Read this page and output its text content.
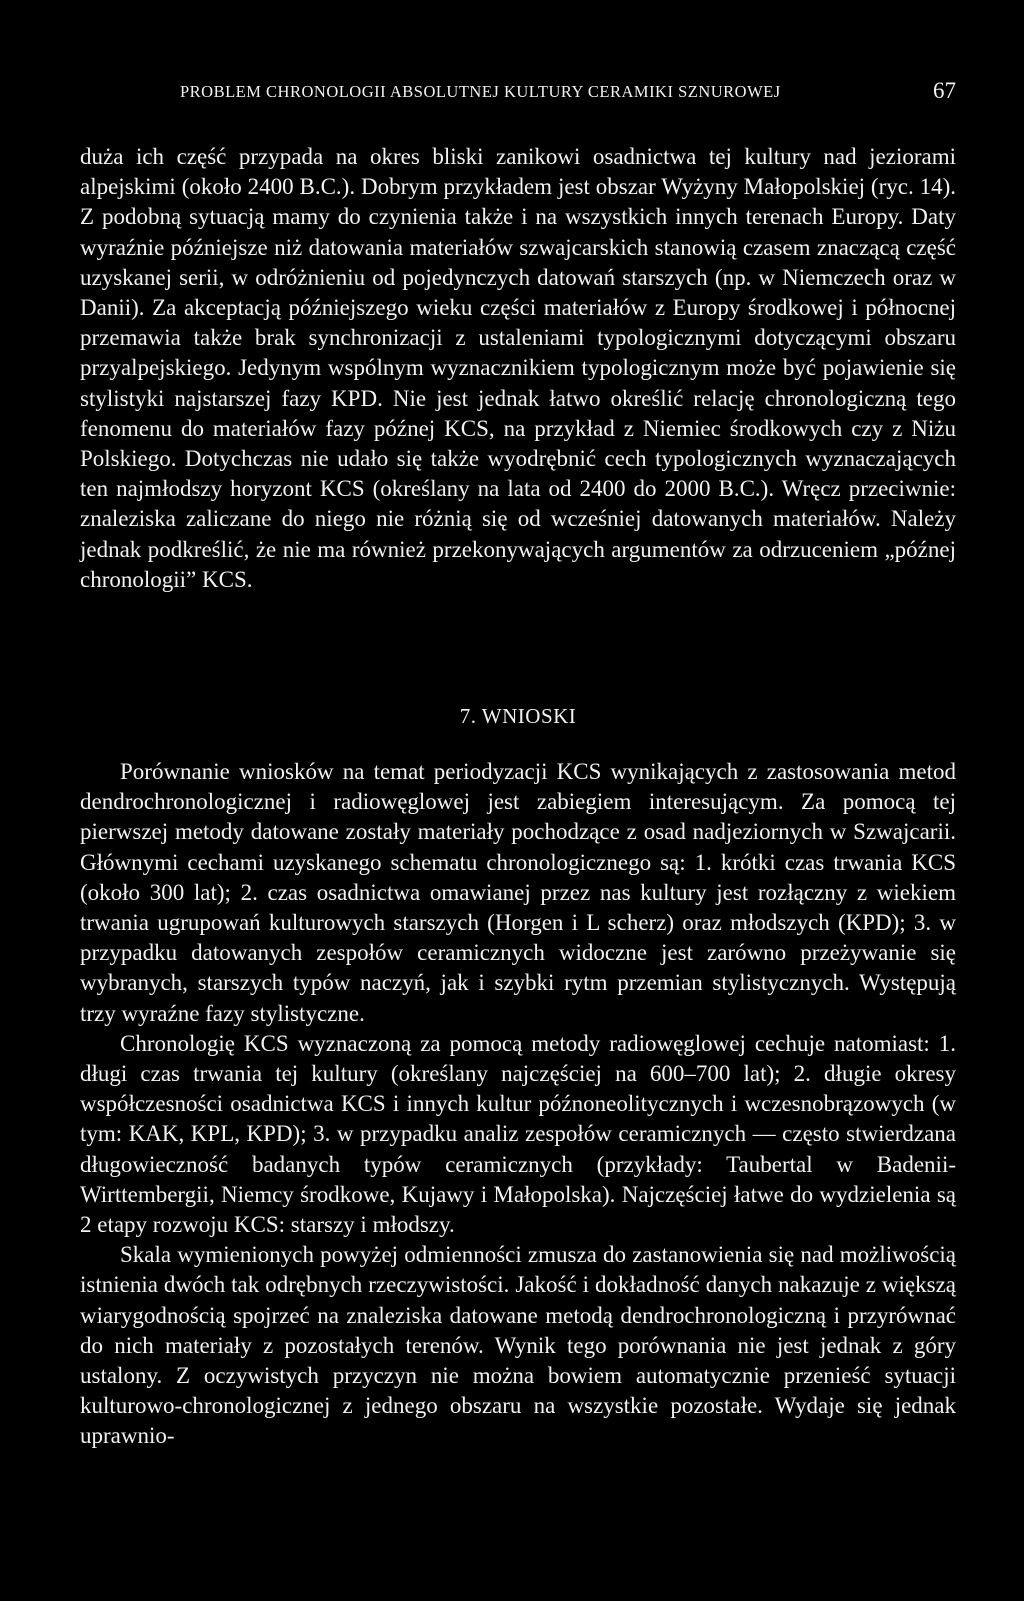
PROBLEM CHRONOLOGII ABSOLUTNEJ KULTURY CERAMIKI SZNUROWEJ	67

duża ich część przypada na okres bliski zanikowi osadnictwa tej kultury nad jeziorami alpejskimi (około 2400 B.C.). Dobrym przykładem jest obszar Wyżyny Małopolskiej (ryc. 14). Z podobną sytuacją mamy do czynienia także i na wszystkich innych terenach Europy. Daty wyraźnie późniejsze niż datowania materiałów szwajcarskich stanowią czasem znaczącą część uzyskanej serii, w odróżnieniu od pojedynczych datowań starszych (np. w Niemczech oraz w Danii). Za akceptacją późniejszego wieku części materiałów z Europy środkowej i północnej przemawia także brak synchronizacji z ustaleniami typologicznymi dotyczącymi obszaru przyalpejskiego. Jedynym wspólnym wyznacznikiem typologicznym może być pojawienie się stylistyki najstarszej fazy KPD. Nie jest jednak łatwo określić relację chronologiczną tego fenomenu do materiałów fazy późnej KCS, na przykład z Niemiec środkowych czy z Niżu Polskiego. Dotychczas nie udało się także wyodrębnić cech typologicznych wyznaczających ten najmłodszy horyzont KCS (określany na lata od 2400 do 2000 B.C.). Wręcz przeciwnie: znaleziska zaliczane do niego nie różnią się od wcześniej datowanych materiałów. Należy jednak podkreślić, że nie ma również przekonywających argumentów za odrzuceniem „późnej chronologii” KCS.

7. WNIOSKI

Porównanie wniosków na temat periodyzacji KCS wynikających z zastosowania metod dendrochronologicznej i radiowęglowej jest zabiegiem interesującym. Za pomocą tej pierwszej metody datowane zostały materiały pochodzące z osad nadjeziornych w Szwajcarii. Głównymi cechami uzyskanego schematu chronologicznego są: 1. krótki czas trwania KCS (około 300 lat); 2. czas osadnictwa omawianej przez nas kultury jest rozłączny z wiekiem trwania ugrupowań kulturowych starszych (Horgen i L scherz) oraz młodszych (KPD); 3. w przypadku datowanych zespołów ceramicznych widoczne jest zarówno przeżywanie się wybranych, starszych typów naczyń, jak i szybki rytm przemian stylistycznych. Występują trzy wyraźne fazy stylistyczne.

Chronologię KCS wyznaczoną za pomocą metody radiowęglowej cechuje natomiast: 1. długi czas trwania tej kultury (określany najczęściej na 600–700 lat); 2. długie okresy współczesności osadnictwa KCS i innych kultur późnoneolitycznych i wczesnobrązowych (w tym: KAK, KPL, KPD); 3. w przypadku analiz zespołów ceramicznych — często stwierdzana długowieczność badanych typów ceramicznych (przykłady: Taubertal w Badenii-Wirttembergii, Niemcy środkowe, Kujawy i Małopolska). Najczęściej łatwe do wydzielenia są 2 etapy rozwoju KCS: starszy i młodszy.

Skala wymienionych powyżej odmienności zmusza do zastanowienia się nad możliwością istnienia dwóch tak odrębnych rzeczywistości. Jakość i dokładność danych nakazuje z większą wiarygodnością spojrzeć na znaleziska datowane metodą dendrochronologiczną i przyrównać do nich materiały z pozostałych terenów. Wynik tego porównania nie jest jednak z góry ustalony. Z oczywistych przyczyn nie można bowiem automatycznie przenieść sytuacji kulturowo-chronologicznej z jednego obszaru na wszystkie pozostałe. Wydaje się jednak uprawnio-
